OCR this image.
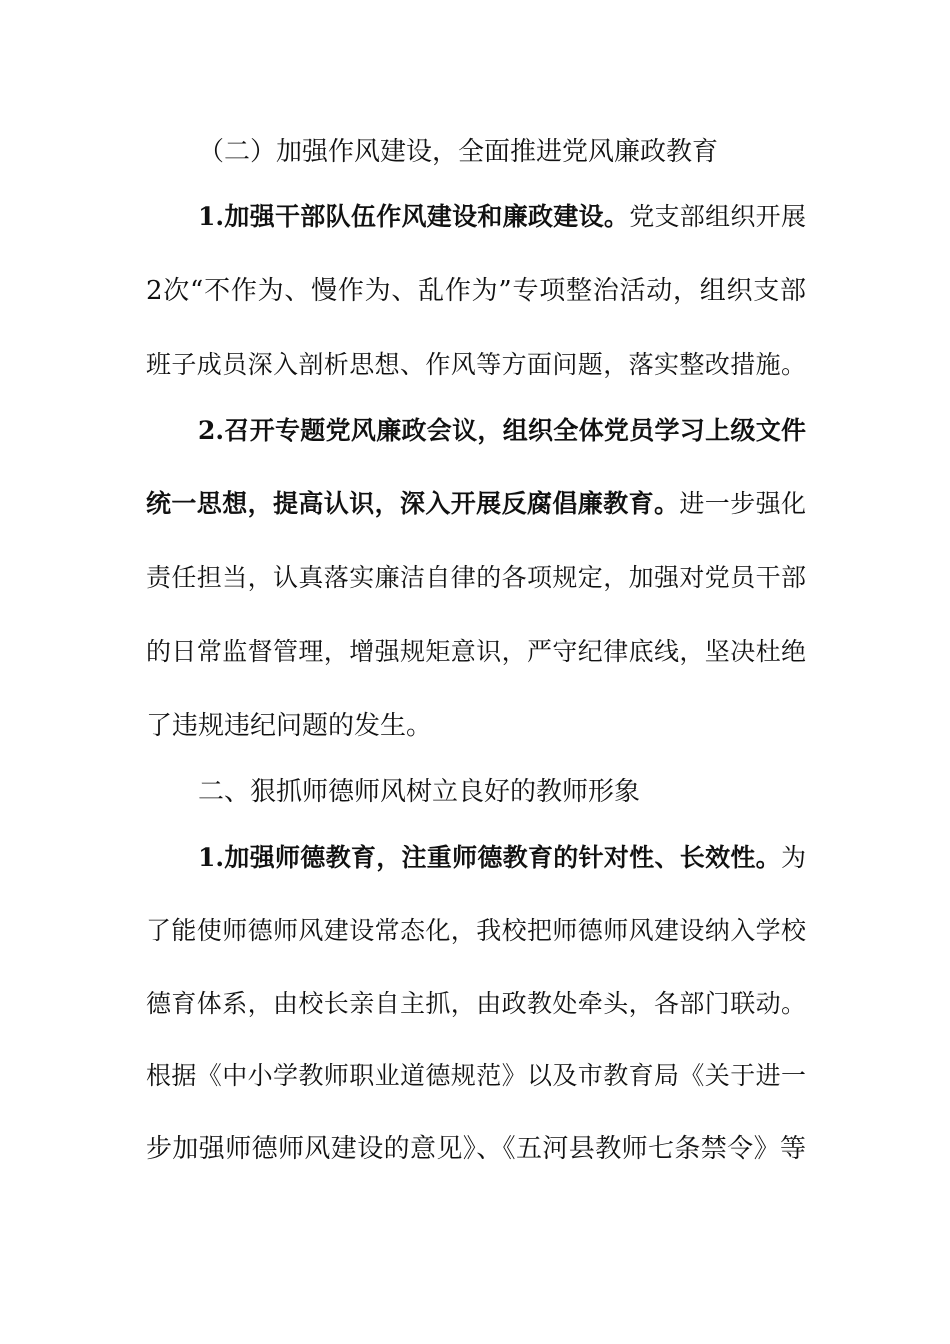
（二）加强作风建设，全面推进党风廉政教育
1.加强干部队伍作风建设和廉政建设。党支部组织开展
2次“不作为、慢作为、乱作为”专项整治活动，组织支部
班子成员深入剖析思想、作风等方面问题，落实整改措施。
2.召开专题党风廉政会议，组织全体党员学习上级文件
统一思想，提高认识，深入开展反腐倡廉教育。进一步强化
责任担当，认真落实廉洁自律的各项规定，加强对党员干部
的日常监督管理，增强规矩意识，严守纪律底线，坚决杜绝
了违规违纪问题的发生。
二、狠抓师德师风树立良好的教师形象
1.加强师德教育，注重师德教育的针对性、长效性。为
了能使师德师风建设常态化，我校把师德师风建设纳入学校
德育体系，由校长亲自主抓，由政教处牵头，各部门联动。
根据《中小学教师职业道德规范》以及市教育局《关于进一
步加强师德师风建设的意见》、《五河县教师七条禁令》等
